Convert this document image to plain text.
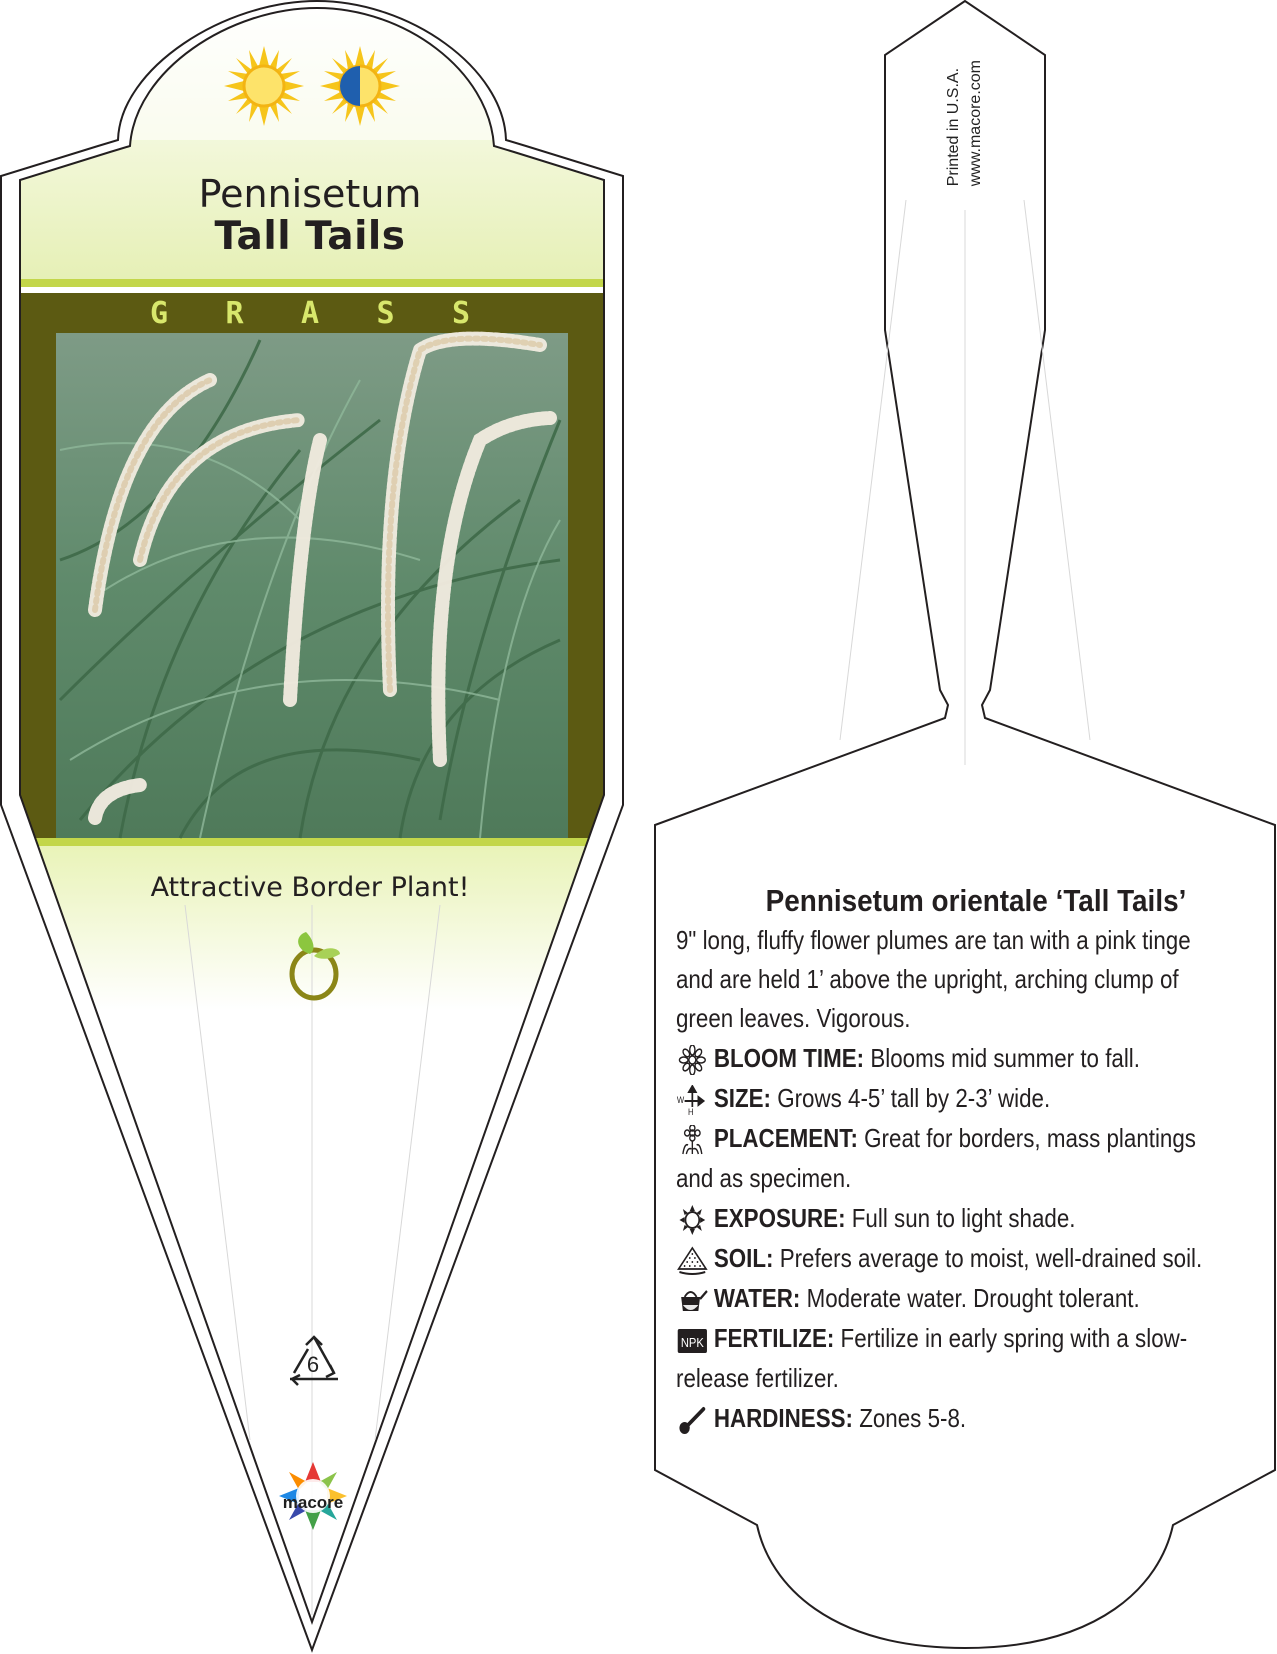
Pennisetum
Tall Tails
G R A S S
Attractive Border Plant!
6
macore
Printed in U.S.A. www.macore.com
Pennisetum orientale ‘Tall Tails’
9" long, fluffy flower plumes are tan with a pink tinge and are held 1’ above the upright, arching clump of green leaves. Vigorous.
BLOOM TIME: Blooms mid summer to fall.
W
H SIZE: Grows 4-5’ tall by 2-3’ wide.
PLACEMENT: Great for borders, mass plantings and as specimen.
EXPOSURE: Full sun to light shade.
SOIL: Prefers average to moist, well-drained soil.
WATER: Moderate water. Drought tolerant.
NPK FERTILIZE: Fertilize in early spring with a slow-release fertilizer.
HARDINESS: Zones 5-8.
